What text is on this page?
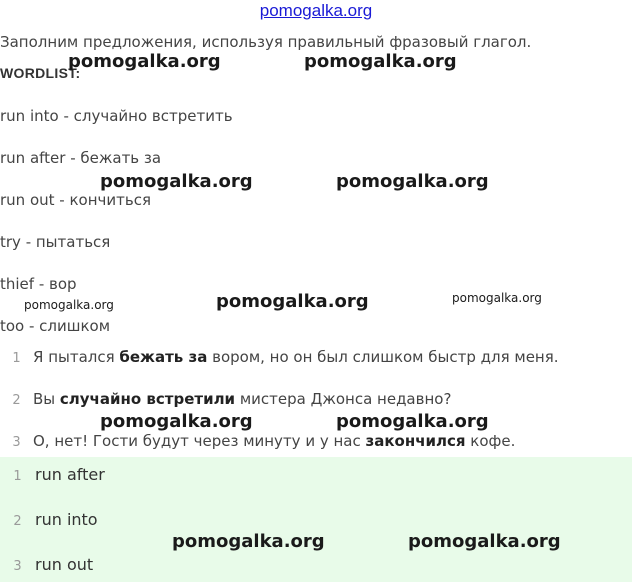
pomogalka.org
Заполним предложения, используя правильный фразовый глагол.
WORDLIST:
run into - случайно встретить
run after - бежать за
run out - кончиться
try - пытаться
thief - вор
too - слишком
1 Я пытался бежать за вором, но он был слишком быстр для меня.
2 Вы случайно встретили мистера Джонса недавно?
3 О, нет! Гости будут через минуту и у нас закончился кофе.
1 run after
2 run into
3 run out
pomogalka.org	pomogalka.org
pomogalka.org	pomogalka.org
pomogalka.org	pomogalka.org	pomogalka.org
pomogalka.org	pomogalka.org
pomogalka.org	pomogalka.org
